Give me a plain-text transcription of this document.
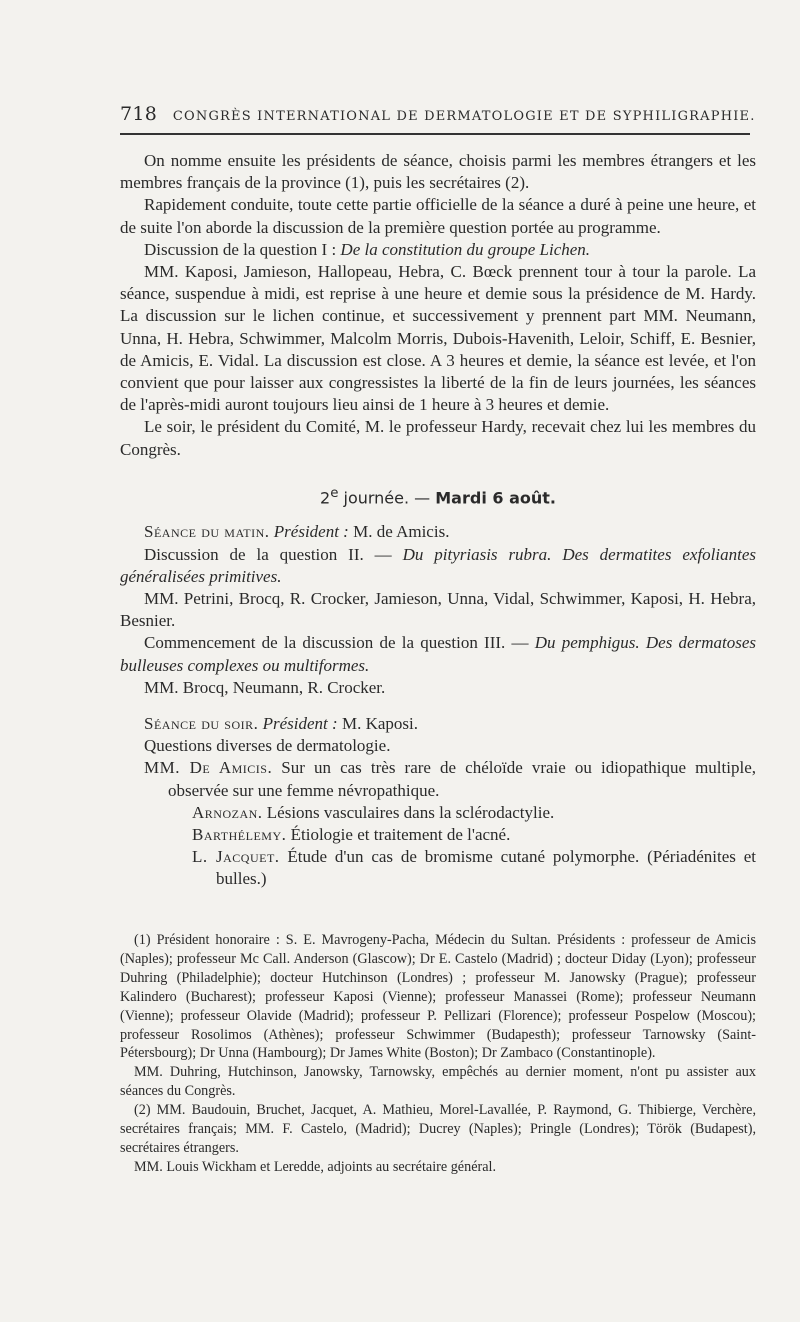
718 CONGRÈS INTERNATIONAL DE DERMATOLOGIE ET DE SYPHILIGRAPHIE.

On nomme ensuite les présidents de séance, choisis parmi les membres étrangers et les membres français de la province (1), puis les secrétaires (2).

Rapidement conduite, toute cette partie officielle de la séance a duré à peine une heure, et de suite l'on aborde la discussion de la première question portée au programme.

Discussion de la question I : De la constitution du groupe Lichen.

MM. Kaposi, Jamieson, Hallopeau, Hebra, C. Bœck prennent tour à tour la parole. La séance, suspendue à midi, est reprise à une heure et demie sous la présidence de M. Hardy. La discussion sur le lichen continue, et successivement y prennent part MM. Neumann, Unna, H. Hebra, Schwimmer, Malcolm Morris, Dubois-Havenith, Leloir, Schiff, E. Besnier, de Amicis, E. Vidal. La discussion est close. A 3 heures et demie, la séance est levée, et l'on convient que pour laisser aux congressistes la liberté de la fin de leurs journées, les séances de l'après-midi auront toujours lieu ainsi de 1 heure à 3 heures et demie.

Le soir, le président du Comité, M. le professeur Hardy, recevait chez lui les membres du Congrès.

2e journée. — Mardi 6 août.

Séance du matin. Président : M. de Amicis.

Discussion de la question II. — Du pityriasis rubra. Des dermatites exfoliantes généralisées primitives.

MM. Petrini, Brocq, R. Crocker, Jamieson, Unna, Vidal, Schwimmer, Kaposi, H. Hebra, Besnier.

Commencement de la discussion de la question III. — Du pemphigus. Des dermatoses bulleuses complexes ou multiformes.

MM. Brocq, Neumann, R. Crocker.

Séance du soir. Président : M. Kaposi.

Questions diverses de dermatologie.

MM. De Amicis. Sur un cas très rare de chéloïde vraie ou idiopathique multiple, observée sur une femme névropathique.

Arnozan. Lésions vasculaires dans la sclérodactylie.

Barthélemy. Étiologie et traitement de l'acné.

L. Jacquet. Étude d'un cas de bromisme cutané polymorphe. (Périadénites et bulles.)

(1) Président honoraire : S. E. Mavrogeny-Pacha, Médecin du Sultan. Présidents : professeur de Amicis (Naples); professeur Mc Call. Anderson (Glascow); Dr E. Castelo (Madrid) ; docteur Diday (Lyon); professeur Duhring (Philadelphie); docteur Hutchinson (Londres) ; professeur M. Janowsky (Prague); professeur Kalindero (Bucharest); professeur Kaposi (Vienne); professeur Manassei (Rome); professeur Neumann (Vienne); professeur Olavide (Madrid); professeur P. Pellizari (Florence); professeur Pospelow (Moscou); professeur Rosolimos (Athènes); professeur Schwimmer (Budapesth); professeur Tarnowsky (Saint-Pétersbourg); Dr Unna (Hambourg); Dr James White (Boston); Dr Zambaco (Constantinople).

MM. Duhring, Hutchinson, Janowsky, Tarnowsky, empêchés au dernier moment, n'ont pu assister aux séances du Congrès.

(2) MM. Baudouin, Bruchet, Jacquet, A. Mathieu, Morel-Lavallée, P. Raymond, G. Thibierge, Verchère, secrétaires français; MM. F. Castelo, (Madrid); Ducrey (Naples); Pringle (Londres); Török (Budapest), secrétaires étrangers.

MM. Louis Wickham et Leredde, adjoints au secrétaire général.
